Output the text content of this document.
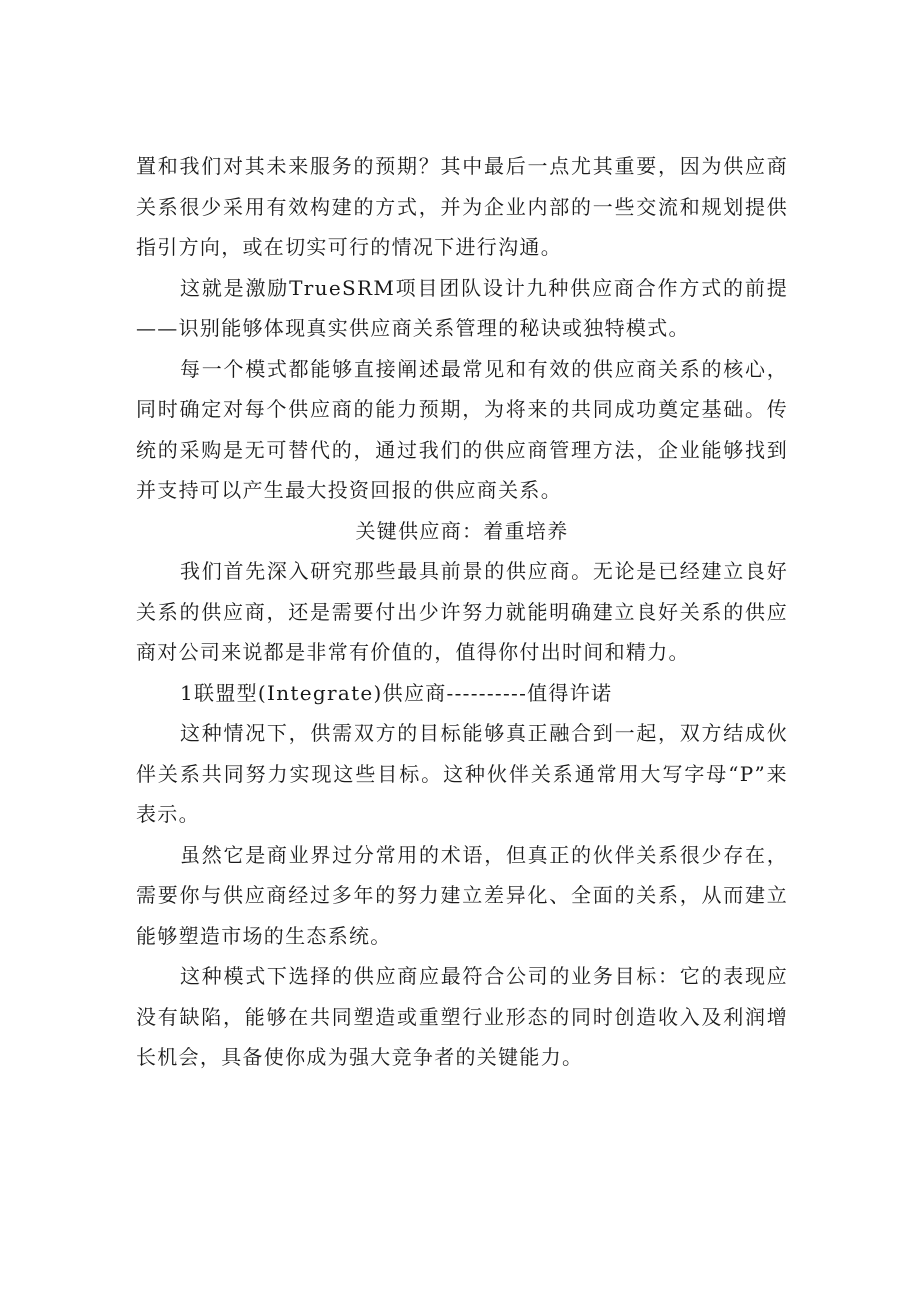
置和我们对其未来服务的预期？其中最后一点尤其重要，因为供应商关系很少采用有效构建的方式，并为企业内部的一些交流和规划提供指引方向，或在切实可行的情况下进行沟通。

这就是激励TrueSRM项目团队设计九种供应商合作方式的前提——识别能够体现真实供应商关系管理的秘诀或独特模式。

每一个模式都能够直接阐述最常见和有效的供应商关系的核心，同时确定对每个供应商的能力预期，为将来的共同成功奠定基础。传统的采购是无可替代的，通过我们的供应商管理方法，企业能够找到并支持可以产生最大投资回报的供应商关系。

关键供应商：着重培养

我们首先深入研究那些最具前景的供应商。无论是已经建立良好关系的供应商，还是需要付出少许努力就能明确建立良好关系的供应商对公司来说都是非常有价值的，值得你付出时间和精力。

1联盟型(Integrate)供应商----------值得许诺

这种情况下，供需双方的目标能够真正融合到一起，双方结成伙伴关系共同努力实现这些目标。这种伙伴关系通常用大写字母“P”来表示。

虽然它是商业界过分常用的术语，但真正的伙伴关系很少存在，需要你与供应商经过多年的努力建立差异化、全面的关系，从而建立能够塑造市场的生态系统。

这种模式下选择的供应商应最符合公司的业务目标：它的表现应没有缺陷，能够在共同塑造或重塑行业形态的同时创造收入及利润增长机会，具备使你成为强大竞争者的关键能力。
